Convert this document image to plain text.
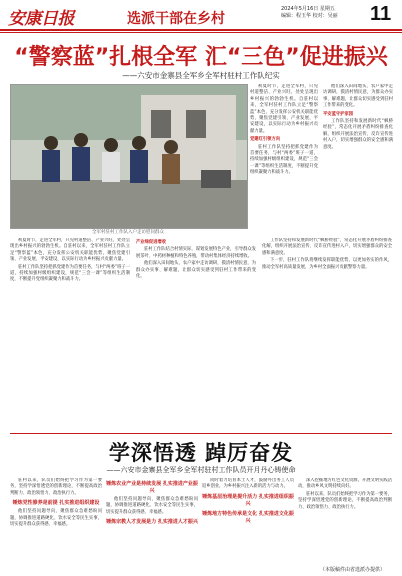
安康日报	选派干部在乡村
2024年5月16日 星期五
编辑：程玉华 校对：吴丽 11
“警察蓝”扎根全军 汇“三色”促进振兴
——六安市金寨县全军乡全军村驻村工作队纪实
全军村驻村工作队入户走访慰问群众

初夏时节，走进全军村，只见村道整洁、产业兴旺，处处呈现出乡村振兴的勃勃生机。自驻村以来，全军村驻村工作队立足“警察蓝”本色，充分发挥公安机关职能优势，聚焦党建引领、产业发展、平安建设，以实际行动为乡村振兴贡献力量。

党建红引领方向

驻村工作队坚持把抓党建作为首要任务，与村“两委”班子一道，持续加强村级组织建设，规范“三会一课”等组织生活制度，不断提升党组织凝聚力和战斗力。

他们深入田间地头、农户家中走访调研，摸清村情民意，为群众办实事、解难题，让群众切实感受到驻村工作带来的变化。

平安蓝守护家园

工作队坚持和发展新时代“枫桥经验”，常态化开展矛盾纠纷排查化解，组织开展法治宣传、反诈宣传进村入户，切实增强群众的安全感和满意度。

初夏时节，走进全军村，只见村道整洁、产业兴旺，处处呈现出乡村振兴的勃勃生机。自驻村以来，全军村驻村工作队立足“警察蓝”本色，充分发挥公安机关职能优势，聚焦党建引领、产业发展、平安建设，以实际行动为乡村振兴贡献力量。

驻村工作队坚持把抓党建作为首要任务，与村“两委”班子一道，持续加强村级组织建设，规范“三会一课”等组织生活制度，不断提升党组织凝聚力和战斗力。

产业绿促进增收

驻村工作队结合村情实际，谋划发展特色产业，引导群众发展茶叶、中药材种植和特色养殖，带动村集体经济持续增收。

他们深入田间地头、农户家中走访调研，摸清村情民意，为群众办实事、解难题，让群众切实感受到驻村工作带来的变化。

工作队坚持和发展新时代“枫桥经验”，常态化开展矛盾纠纷排查化解，组织开展法治宣传、反诈宣传进村入户，切实增强群众的安全感和满意度。

下一步，驻村工作队将继续发挥职能优势，以更加务实的作风，推动全军村高质量发展，为乡村全面振兴贡献警察力量。

学深悟透 踔厉奋发
——六安市金寨县全军乡全军村驻村工作队员开月丹心铸使命

驻村以来，队员们始终把学习作为第一要务，坚持学深悟透党的创新理论，不断提高政治判断力、政治领悟力、政治执行力。

锤炼党性修养是前提 扎实推进组织建设

他们坚持问题导向，聚焦群众急难愁盼问题，协调推进道路硬化、饮水安全等民生实事，切实提升群众获得感、幸福感。

锤炼农业产业是持续发展 扎实推进产业振兴

他们坚持问题导向，聚焦群众急难愁盼问题，协调推进道路硬化、饮水安全等民生实事，切实提升群众获得感、幸福感。

锤炼宗教人才发展是力 扎实推进人才振兴

同时着力培育本土人才，鼓励外出务工人员返乡创业，为乡村振兴注入新的活力与动力。

锤炼基层治理是提升活力 扎实推进组织振兴
锤炼地方特色传承是文化 扎实推进文化振兴

深入挖掘地方红色文化资源，开展文明实践活动，推动乡风文明持续向好。

驻村以来，队员们始终把学习作为第一要务，坚持学深悟透党的创新理论，不断提高政治判断力、政治领悟力、政治执行力。

（本版稿件由省选派办提供）
